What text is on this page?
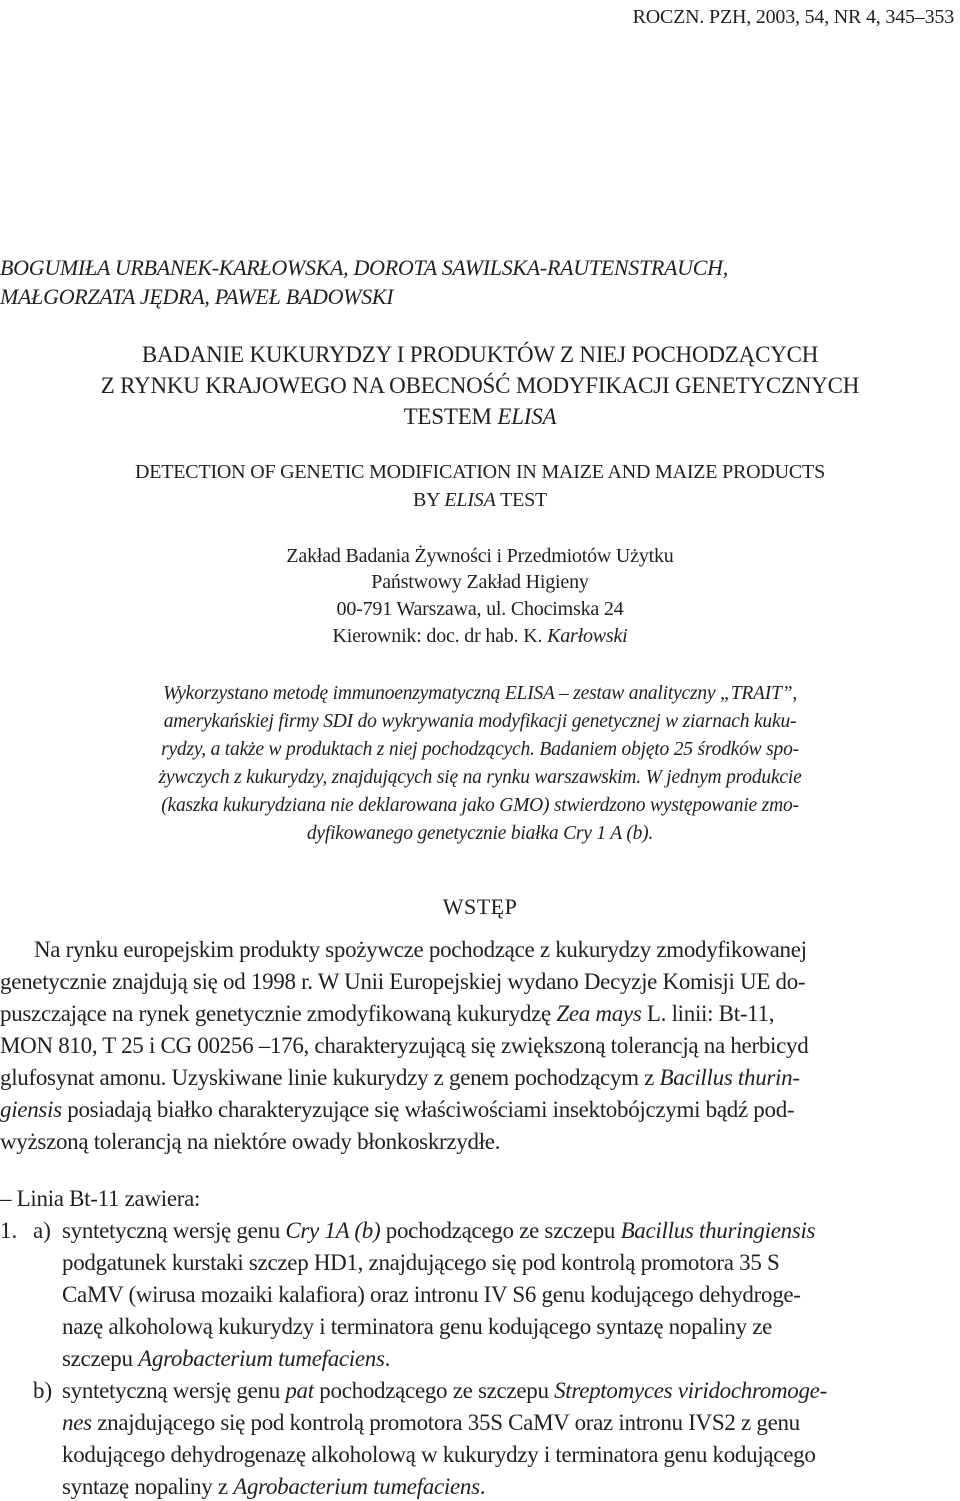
ROCZN. PZH, 2003, 54, NR 4, 345–353
BOGUMIŁA URBANEK-KARŁOWSKA, DOROTA SAWILSKA-RAUTENSTRAUCH,
MAŁGORZATA JĘDRA, PAWEŁ BADOWSKI
BADANIE KUKURYDZY I PRODUKTÓW Z NIEJ POCHODZĄCYCH
Z RYNKU KRAJOWEGO NA OBECNOŚĆ MODYFIKACJI GENETYCZNYCH
TESTEM ELISA
DETECTION OF GENETIC MODIFICATION IN MAIZE AND MAIZE PRODUCTS
BY ELISA TEST
Zakład Badania Żywności i Przedmiotów Użytku
Państwowy Zakład Higieny
00-791 Warszawa, ul. Chocimska 24
Kierownik: doc. dr hab. K. Karłowski
Wykorzystano metodę immunoenzymatyczną ELISA – zestaw analityczny „TRAIT”,
amerykańskiej firmy SDI do wykrywania modyfikacji genetycznej w ziarnach kuku-
rydzy, a także w produktach z niej pochodzących. Badaniem objęto 25 środków spo-
żywczych z kukurydzy, znajdujących się na rynku warszawskim. W jednym produkcie
(kaszka kukurydziana nie deklarowana jako GMO) stwierdzono występowanie zmo-
dyfikowanego genetycznie białka Cry 1 A (b).
WSTĘP
Na rynku europejskim produkty spożywcze pochodzące z kukurydzy zmodyfikowanej
genetycznie znajdują się od 1998 r. W Unii Europejskiej wydano Decyzje Komisji UE do-
puszczające na rynek genetycznie zmodyfikowaną kukurydzę Zea mays L. linii: Bt-11,
MON 810, T 25 i CG 00256 –176, charakteryzującą się zwiększoną tolerancją na herbicyd
glufosynat amonu. Uzyskiwane linie kukurydzy z genem pochodzącym z Bacillus thurin-
giensis posiadają białko charakteryzujące się właściwościami insektobójczymi bądź pod-
wyższoną tolerancją na niektóre owady błonkoskrzydłe.
– Linia Bt-11 zawiera:
1. a) syntetyczną wersję genu Cry 1A (b) pochodzącego ze szczepu Bacillus thuringiensis
podgatunek kurstaki szczep HD1, znajdującego się pod kontrolą promotora 35 S
CaMV (wirusa mozaiki kalafiora) oraz intronu IV S6 genu kodującego dehydroge-
nazę alkoholową kukurydzy i terminatora genu kodującego syntazę nopaliny ze
szczepu Agrobacterium tumefaciens.
b) syntetyczną wersję genu pat pochodzącego ze szczepu Streptomyces viridochromoge-
nes znajdującego się pod kontrolą promotora 35S CaMV oraz intronu IVS2 z genu
kodującego dehydrogenazę alkoholową w kukurydzy i terminatora genu kodującego
syntazę nopaliny z Agrobacterium tumefaciens.
